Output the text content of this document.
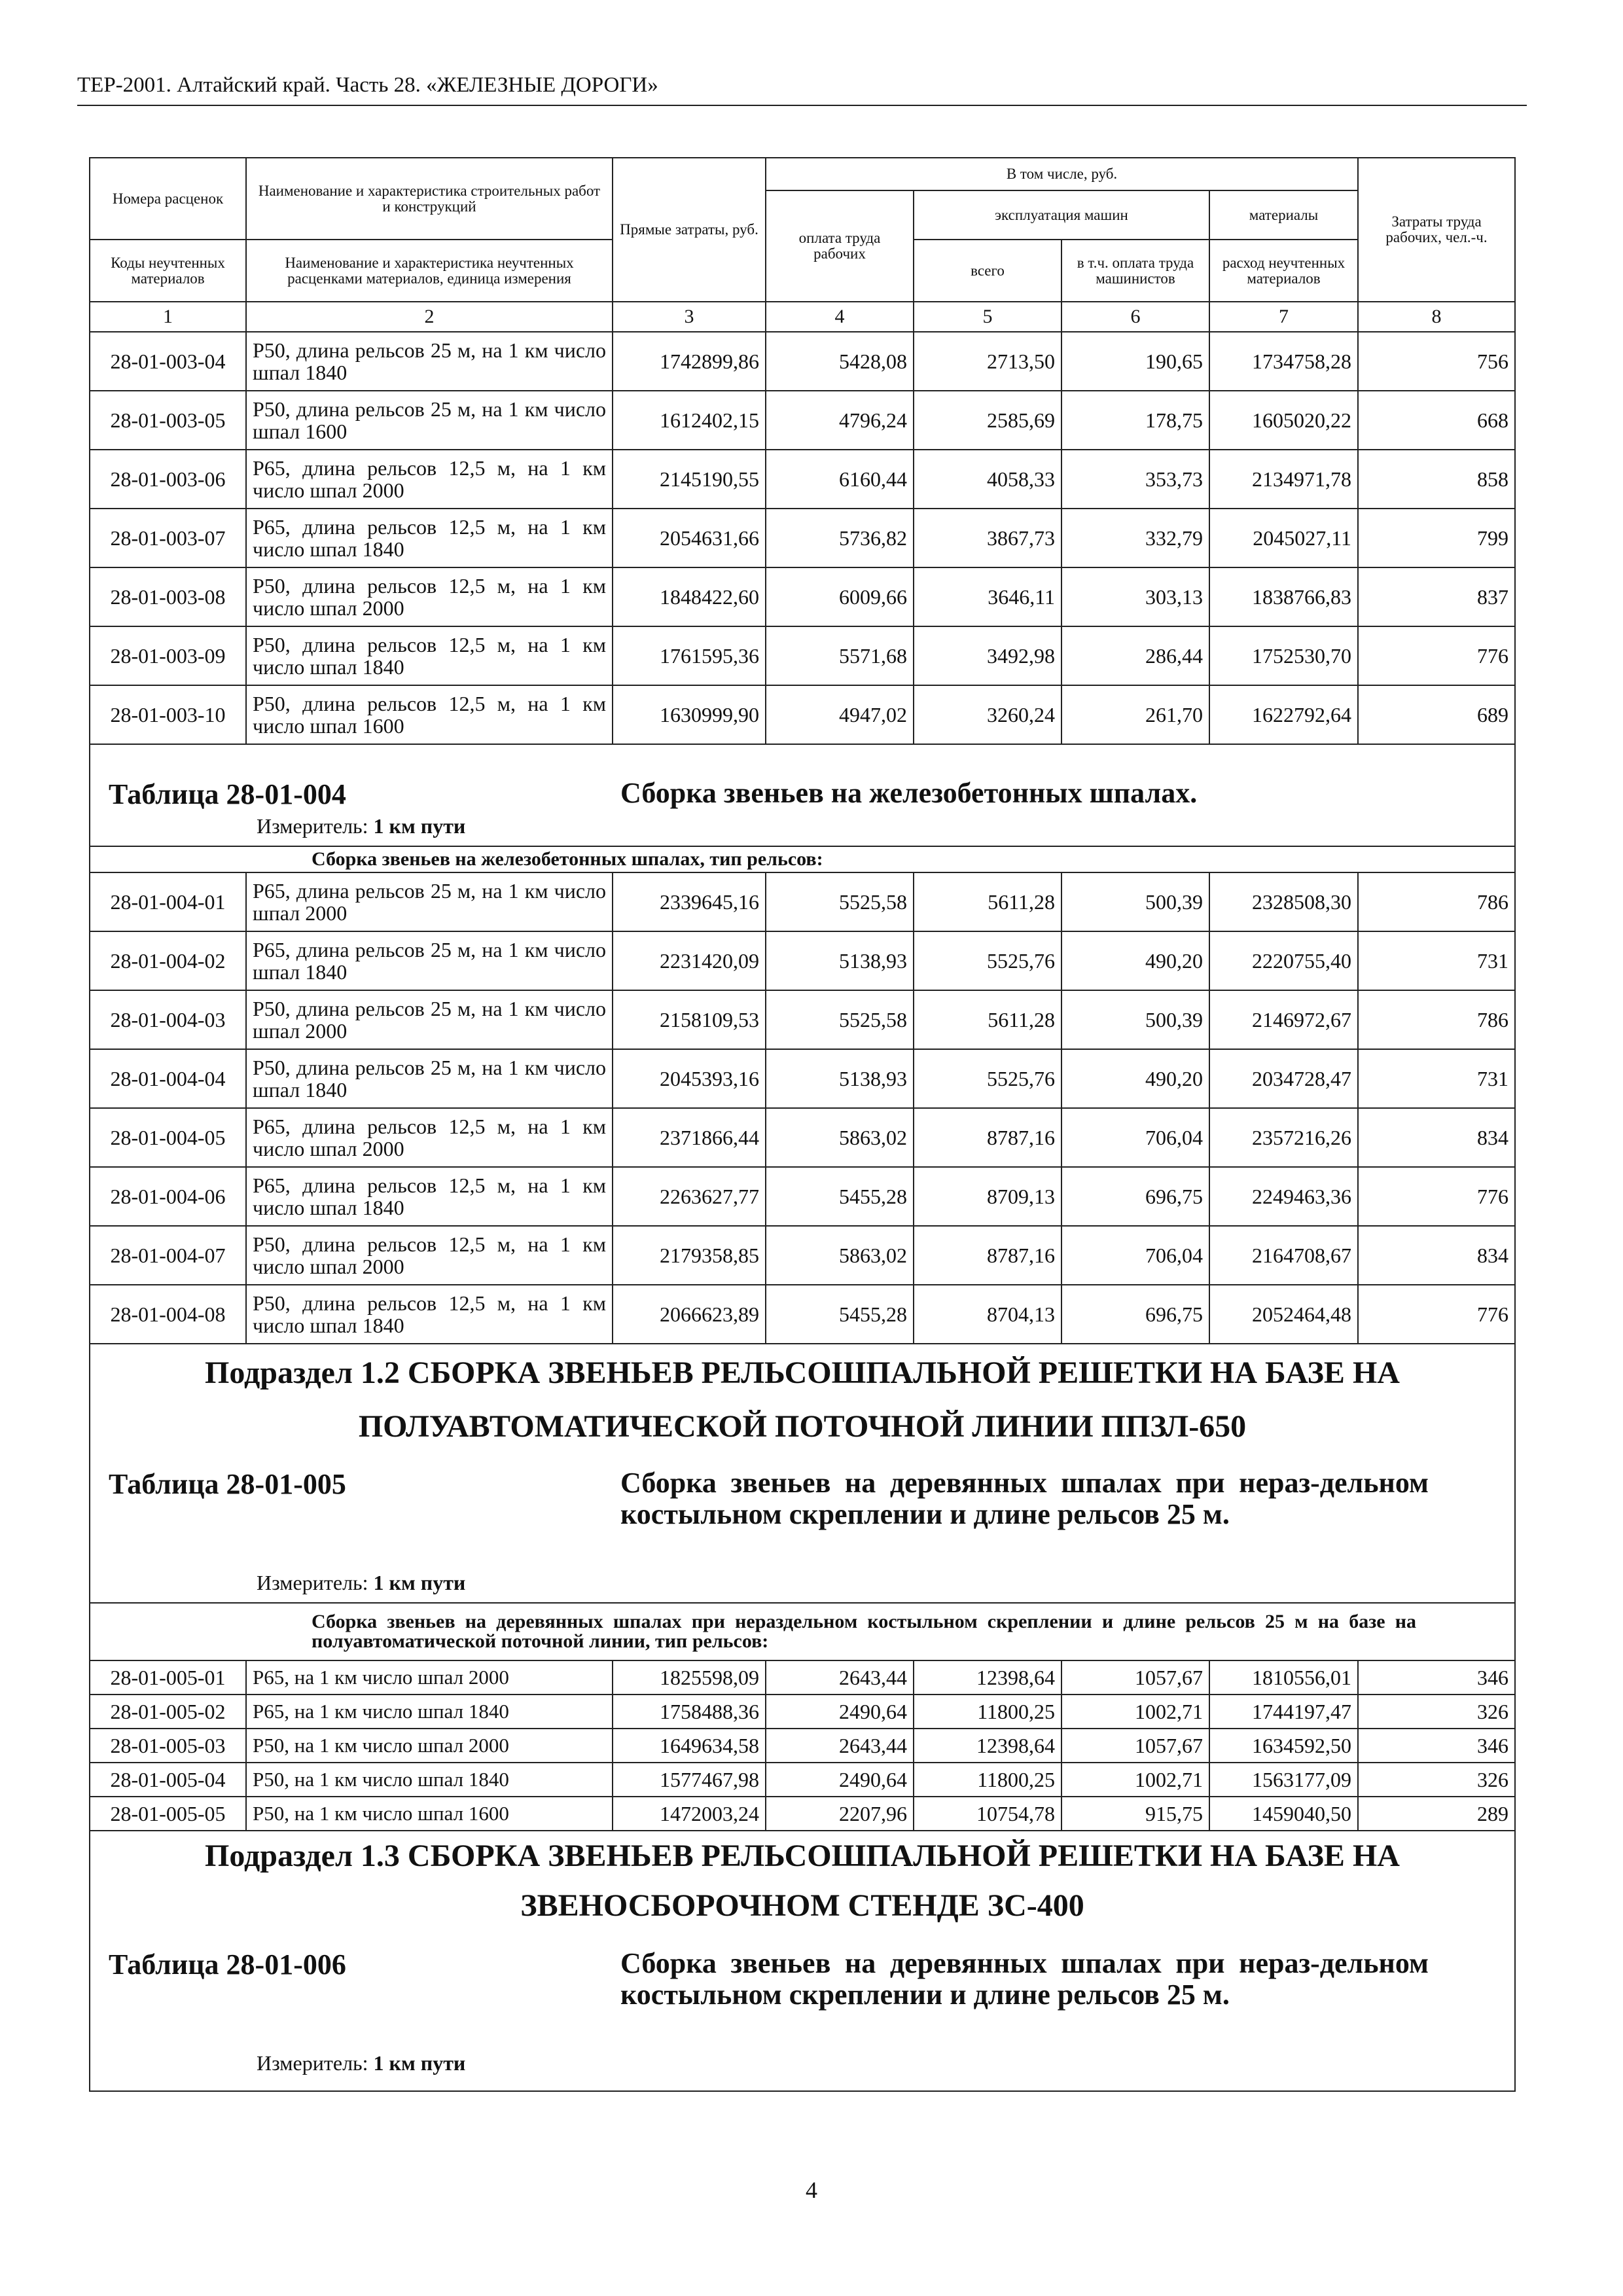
ТЕР-2001. Алтайский край. Часть 28. «ЖЕЛЕЗНЫЕ ДОРОГИ»
Номера расценок	Наименование и характеристика строительных работ и конструкций	Прямые затраты, руб.	В том числе, руб.				Затраты труда рабочих, чел.-ч.
			оплата труда рабочих	эксплуатация машин		материалы	
Коды неучтенных материалов	Наименование и характеристика неучтенных расценками материалов, единица измерения			всего	в т.ч. оплата труда машинистов	расход неучтенных материалов	
1	2	3	4	5	6	7	8
28-01-003-04	Р50, длина рельсов 25 м, на 1 км число шпал 1840	1742899,86	5428,08	2713,50	190,65	1734758,28	756
28-01-003-05	Р50, длина рельсов 25 м, на 1 км число шпал 1600	1612402,15	4796,24	2585,69	178,75	1605020,22	668
28-01-003-06	Р65, длина рельсов 12,5 м, на 1 км число шпал 2000	2145190,55	6160,44	4058,33	353,73	2134971,78	858
28-01-003-07	Р65, длина рельсов 12,5 м, на 1 км число шпал 1840	2054631,66	5736,82	3867,73	332,79	2045027,11	799
28-01-003-08	Р50, длина рельсов 12,5 м, на 1 км число шпал 2000	1848422,60	6009,66	3646,11	303,13	1838766,83	837
28-01-003-09	Р50, длина рельсов 12,5 м, на 1 км число шпал 1840	1761595,36	5571,68	3492,98	286,44	1752530,70	776
28-01-003-10	Р50, длина рельсов 12,5 м, на 1 км число шпал 1600	1630999,90	4947,02	3260,24	261,70	1622792,64	689

Таблица 28-01-004 Сборка звеньев на железобетонных шпалах.
Измеритель: 1 км пути							

	Сборка звеньев на железобетонных шпалах, тип рельсов:						
28-01-004-01	Р65, длина рельсов 25 м, на 1 км число шпал 2000	2339645,16	5525,58	5611,28	500,39	2328508,30	786
28-01-004-02	Р65, длина рельсов 25 м, на 1 км число шпал 1840	2231420,09	5138,93	5525,76	490,20	2220755,40	731
28-01-004-03	Р50, длина рельсов 25 м, на 1 км число шпал 2000	2158109,53	5525,58	5611,28	500,39	2146972,67	786
28-01-004-04	Р50, длина рельсов 25 м, на 1 км число шпал 1840	2045393,16	5138,93	5525,76	490,20	2034728,47	731
28-01-004-05	Р65, длина рельсов 12,5 м, на 1 км число шпал 2000	2371866,44	5863,02	8787,16	706,04	2357216,26	834
28-01-004-06	Р65, длина рельсов 12,5 м, на 1 км число шпал 1840	2263627,77	5455,28	8709,13	696,75	2249463,36	776
28-01-004-07	Р50, длина рельсов 12,5 м, на 1 км число шпал 2000	2179358,85	5863,02	8787,16	706,04	2164708,67	834
28-01-004-08	Р50, длина рельсов 12,5 м, на 1 км число шпал 1840	2066623,89	5455,28	8704,13	696,75	2052464,48	776

Подраздел 1.2 СБОРКА ЗВЕНЬЕВ РЕЛЬСОШПАЛЬНОЙ РЕШЕТКИ НА БАЗЕ НА
ПОЛУАВТОМАТИЧЕСКОЙ ПОТОЧНОЙ ЛИНИИ ППЗЛ-650
Таблица 28-01-005 Сборка звеньев на деревянных шпалах при нераз-дельном костыльном скреплении и длине рельсов 25 м.
Измеритель: 1 км пути							

	Сборка звеньев на деревянных шпалах при нераздельном костыльном скреплении и длине рельсов 25 м на базе на полуавтоматической поточной линии, тип рельсов:						
28-01-005-01	Р65, на 1 км число шпал 2000	1825598,09	2643,44	12398,64	1057,67	1810556,01	346
28-01-005-02	Р65, на 1 км число шпал 1840	1758488,36	2490,64	11800,25	1002,71	1744197,47	326
28-01-005-03	Р50, на 1 км число шпал 2000	1649634,58	2643,44	12398,64	1057,67	1634592,50	346
28-01-005-04	Р50, на 1 км число шпал 1840	1577467,98	2490,64	11800,25	1002,71	1563177,09	326
28-01-005-05	Р50, на 1 км число шпал 1600	1472003,24	2207,96	10754,78	915,75	1459040,50	289

Подраздел 1.3 СБОРКА ЗВЕНЬЕВ РЕЛЬСОШПАЛЬНОЙ РЕШЕТКИ НА БАЗЕ НА
ЗВЕНОСБОРОЧНОМ СТЕНДЕ ЗС-400
Таблица 28-01-006 Сборка звеньев на деревянных шпалах при нераз-дельном костыльном скреплении и длине рельсов 25 м.
Измеритель: 1 км пути							
4
